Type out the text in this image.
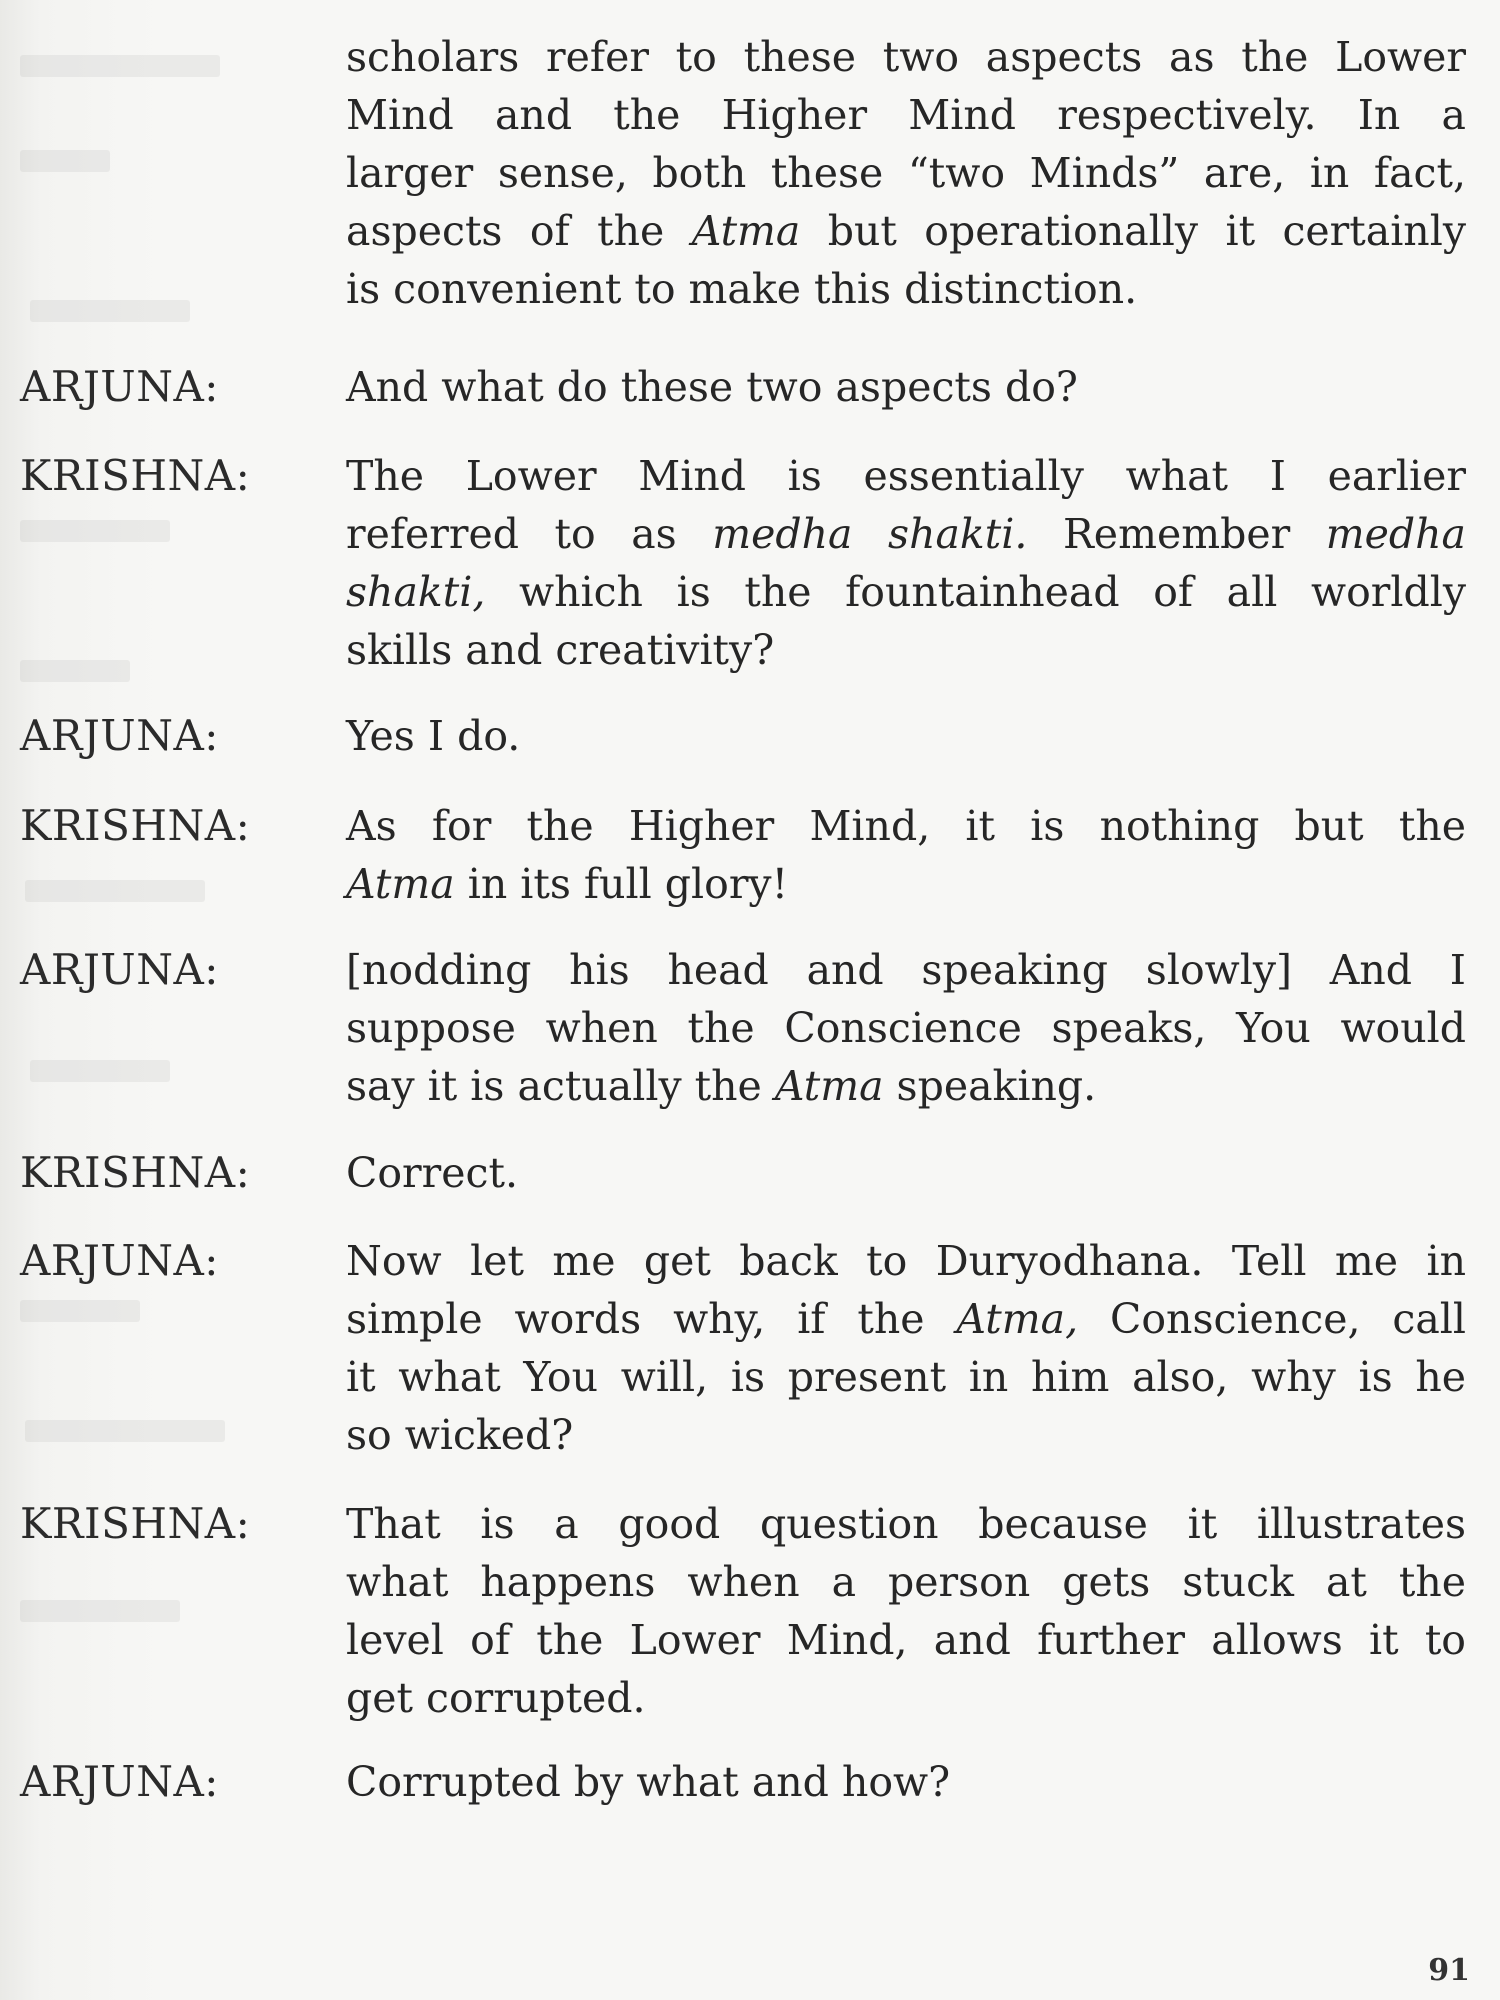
scholars refer to these two aspects as the Lower
Mind and the Higher Mind respectively. In a
larger sense, both these “two Minds” are, in fact,
aspects of the Atma but operationally it certainly
is convenient to make this distinction.
ARJUNA:	And what do these two aspects do?
KRISHNA: The Lower Mind is essentially what I earlier
referred to as medha shakti. Remember medha
shakti, which is the fountainhead of all worldly
skills and creativity?
ARJUNA:	Yes I do.
KRISHNA: As for the Higher Mind, it is nothing but the
Atma in its full glory!
ARJUNA:	[nodding his head and speaking slowly] And I
suppose when the Conscience speaks, You would
say it is actually the Atma speaking.
KRISHNA: Correct.
ARJUNA:	Now let me get back to Duryodhana. Tell me in
simple words why, if the Atma, Conscience, call
it what You will, is present in him also, why is he
so wicked?
KRISHNA: That is a good question because it illustrates
what happens when a person gets stuck at the
level of the Lower Mind, and further allows it to
get corrupted.
ARJUNA:	Corrupted by what and how?
91
